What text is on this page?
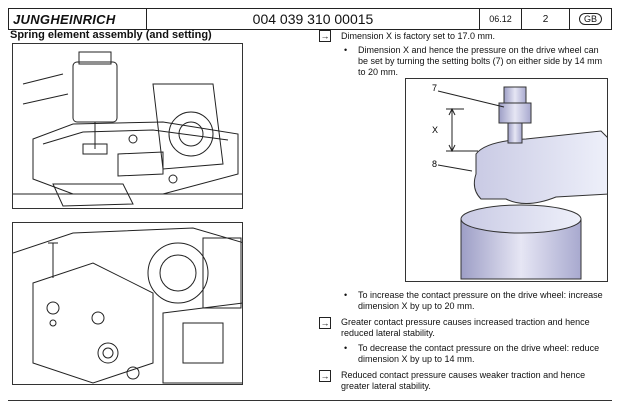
JUNGHEINRICH	004 039 310 00015	06.12	2	GB
Spring element assembly (and setting)
7
8
X
→ Dimension X is factory set to 17.0 mm.
• Dimension X and hence the pressure on the drive wheel can be set by turning the setting bolts (7) on either side by 14 mm to 20 mm.
• To increase the contact pressure on the drive wheel: increase dimension X by up to 20 mm.
→ Greater contact pressure causes increased traction and hence reduced lateral stability.
• To decrease the contact pressure on the drive wheel: reduce dimension X by up to 14 mm.
→ Reduced contact pressure causes weaker traction and hence greater lateral stability.
